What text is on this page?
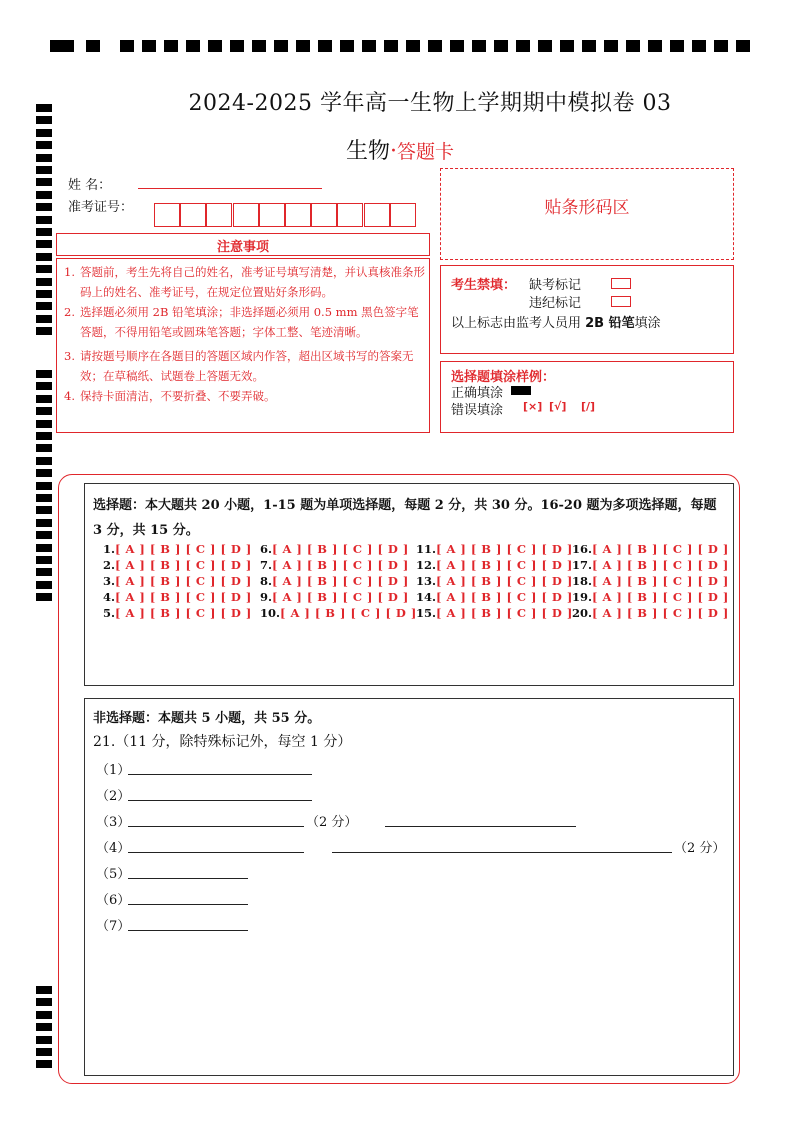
2024-2025 学年高一生物上学期期中模拟卷 03
生物·答题卡
姓 名：
准考证号：	贴条形码区
注意事项
1. 答题前，考生先将自己的姓名，准考证号填写清楚，并认真核准条形码上的姓名、准考证号，在规定位置贴好条形码。
2. 选择题必须用 2B 铅笔填涂；非选择题必须用 0.5 mm 黑色签字笔答题，不得用铅笔或圆珠笔答题；字体工整、笔迹清晰。
3. 请按题号顺序在各题目的答题区域内作答，超出区域书写的答案无效；在草稿纸、试题卷上答题无效。
4. 保持卡面清洁，不要折叠、不要弄破。
考生禁填： 缺考标记
违纪标记
以上标志由监考人员用 2B 铅笔填涂
选择题填涂样例：
正确填涂
错误填涂 [×] [√] [/]
选择题：本大题共 20 小题，1-15 题为单项选择题，每题 2 分，共 30 分。16-20 题为多项选择题，每题
3 分，共 15 分。
1.[ A ] [ B ] [ C ] [ D ]
2.[ A ] [ B ] [ C ] [ D ]
3.[ A ] [ B ] [ C ] [ D ]
4.[ A ] [ B ] [ C ] [ D ]
5.[ A ] [ B ] [ C ] [ D ]
6.[ A ] [ B ] [ C ] [ D ]
7.[ A ] [ B ] [ C ] [ D ]
8.[ A ] [ B ] [ C ] [ D ]
9.[ A ] [ B ] [ C ] [ D ]
10.[ A ] [ B ] [ C ] [ D ]
11.[ A ] [ B ] [ C ] [ D ]
12.[ A ] [ B ] [ C ] [ D ]
13.[ A ] [ B ] [ C ] [ D ]
14.[ A ] [ B ] [ C ] [ D ]
15.[ A ] [ B ] [ C ] [ D ]
16.[ A ] [ B ] [ C ] [ D ]
17.[ A ] [ B ] [ C ] [ D ]
18.[ A ] [ B ] [ C ] [ D ]
19.[ A ] [ B ] [ C ] [ D ]
20.[ A ] [ B ] [ C ] [ D ]
非选择题：本题共 5 小题，共 55 分。
21.（11 分，除特殊标记外，每空 1 分）
（1）
（2）
（3）	（2 分）
（4）	（2 分）
（5）
（6）
（7）
